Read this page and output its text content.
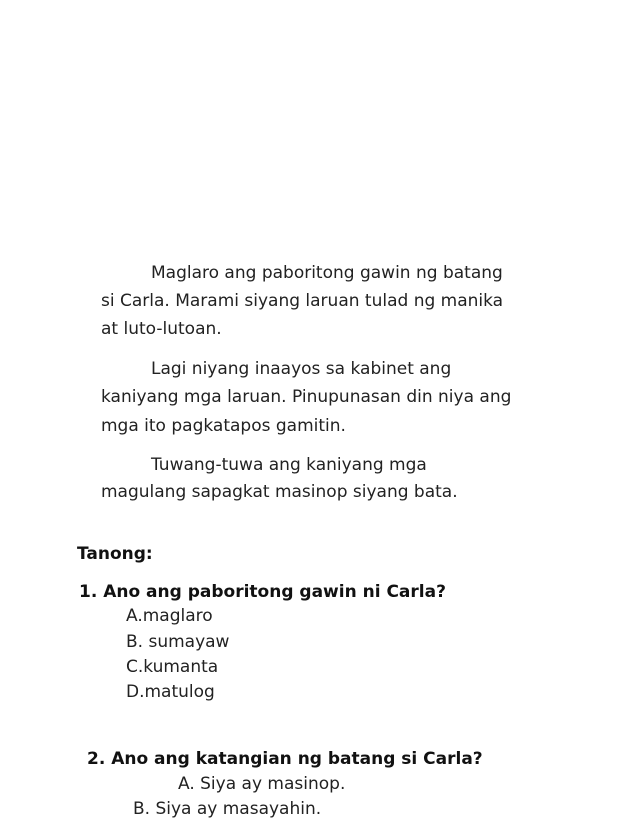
Maglaro ang paboritong gawin ng batang
si Carla. Marami siyang laruan tulad ng manika
at luto-lutoan.
Lagi niyang inaayos sa kabinet ang
kaniyang mga laruan. Pinupunasan din niya ang
mga ito pagkatapos gamitin.
Tuwang-tuwa ang kaniyang mga
magulang sapagkat masinop siyang bata.
Tanong:
1. Ano ang paboritong gawin ni Carla?
A.maglaro
B. sumayaw
C.kumanta
D.matulog
2. Ano ang katangian ng batang si Carla?
A. Siya ay masinop.
B. Siya ay masayahin.
